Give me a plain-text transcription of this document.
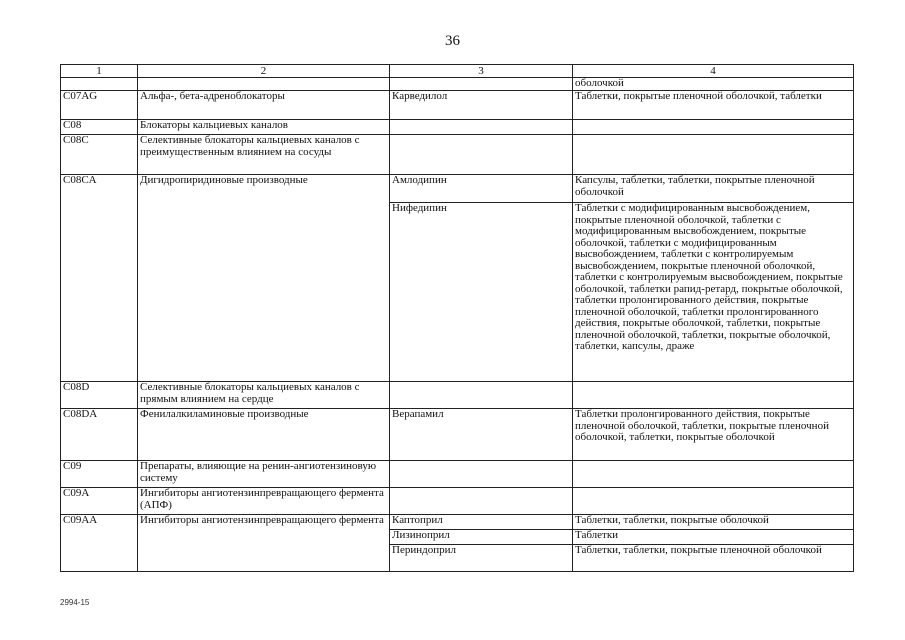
36
1	2	3	4
			оболочкой
C07AG	Альфа-, бета-адреноблокаторы	Карведилол	Таблетки, покрытые пленочной оболочкой, таблетки
C08	Блокаторы кальциевых каналов		
C08C	Селективные блокаторы кальциевых каналов с преимущественным влиянием на сосуды		
C08CA	Дигидропиридиновые производные	Амлодипин	Капсулы, таблетки, таблетки, покрытые пленочной оболочкой
		Нифедипин	Таблетки с модифицированным высвобождением, покрытые пленочной оболочкой, таблетки с модифицированным высвобождением, покрытые оболочкой, таблетки с модифицированным высвобождением, таблетки с контролируемым высвобождением, покрытые пленочной оболочкой, таблетки с контролируемым высвобождением, покрытые оболочкой, таблетки рапид-ретард, покрытые оболочкой, таблетки пролонгированного действия, покрытые пленочной оболочкой, таблетки пролонгированного действия, покрытые оболочкой, таблетки, покрытые пленочной оболочкой, таблетки, покрытые оболочкой, таблетки, капсулы, драже
C08D	Селективные блокаторы кальциевых каналов с прямым влиянием на сердце		
C08DA	Фенилалкиламиновые производные	Верапамил	Таблетки пролонгированного действия, покрытые пленочной оболочкой, таблетки, покрытые пленочной оболочкой, таблетки, покрытые оболочкой
C09	Препараты, влияющие на ренин-ангиотензиновую систему		
C09A	Ингибиторы ангиотензинпревращающего фермента (АПФ)		
C09AA	Ингибиторы ангиотензинпревращающего фермента	Каптоприл	Таблетки, таблетки, покрытые оболочкой
		Лизиноприл	Таблетки
		Периндоприл	Таблетки, таблетки, покрытые пленочной оболочкой
2994-15
